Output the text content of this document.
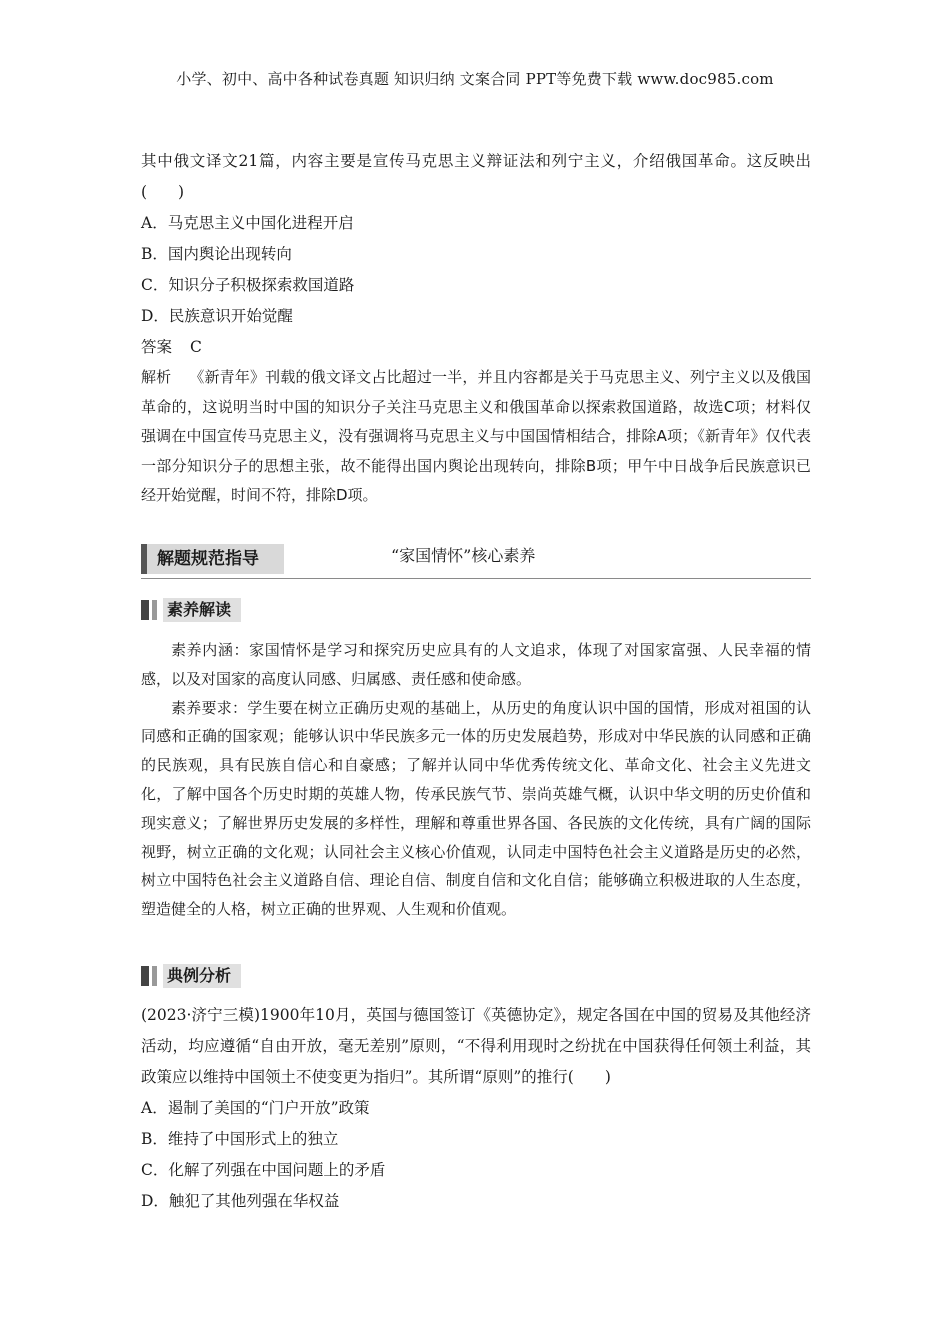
小学、初中、高中各种试卷真题 知识归纳 文案合同 PPT等免费下载 www.doc985.com

其中俄文译文21篇，内容主要是宣传马克思主义辩证法和列宁主义，介绍俄国革命。这反映出(　　)

A．马克思主义中国化进程开启

B．国内舆论出现转向

C．知识分子积极探索救国道路

D．民族意识开始觉醒

答案 C

解析 《新青年》刊载的俄文译文占比超过一半，并且内容都是关于马克思主义、列宁主义以及俄国革命的，这说明当时中国的知识分子关注马克思主义和俄国革命以探索救国道路，故选C项；材料仅强调在中国宣传马克思主义，没有强调将马克思主义与中国国情相结合，排除A项；《新青年》仅代表一部分知识分子的思想主张，故不能得出国内舆论出现转向，排除B项；甲午中日战争后民族意识已经开始觉醒，时间不符，排除D项。

解题规范指导	“家国情怀”核心素养
素养解读

素养内涵：家国情怀是学习和探究历史应具有的人文追求，体现了对国家富强、人民幸福的情感，以及对国家的高度认同感、归属感、责任感和使命感。

素养要求：学生要在树立正确历史观的基础上，从历史的角度认识中国的国情，形成对祖国的认同感和正确的国家观；能够认识中华民族多元一体的历史发展趋势，形成对中华民族的认同感和正确的民族观，具有民族自信心和自豪感；了解并认同中华优秀传统文化、革命文化、社会主义先进文化，了解中国各个历史时期的英雄人物，传承民族气节、崇尚英雄气概，认识中华文明的历史价值和现实意义；了解世界历史发展的多样性，理解和尊重世界各国、各民族的文化传统，具有广阔的国际视野，树立正确的文化观；认同社会主义核心价值观，认同走中国特色社会主义道路是历史的必然，树立中国特色社会主义道路自信、理论自信、制度自信和文化自信；能够确立积极进取的人生态度，塑造健全的人格，树立正确的世界观、人生观和价值观。

典例分析

(2023·济宁三模)1900年10月，英国与德国签订《英德协定》，规定各国在中国的贸易及其他经济活动，均应遵循“自由开放，毫无差别”原则，“不得利用现时之纷扰在中国获得任何领土利益，其政策应以维持中国领土不使变更为指归”。其所谓“原则”的推行(　　)

A．遏制了美国的“门户开放”政策

B．维持了中国形式上的独立

C．化解了列强在中国问题上的矛盾

D．触犯了其他列强在华权益
